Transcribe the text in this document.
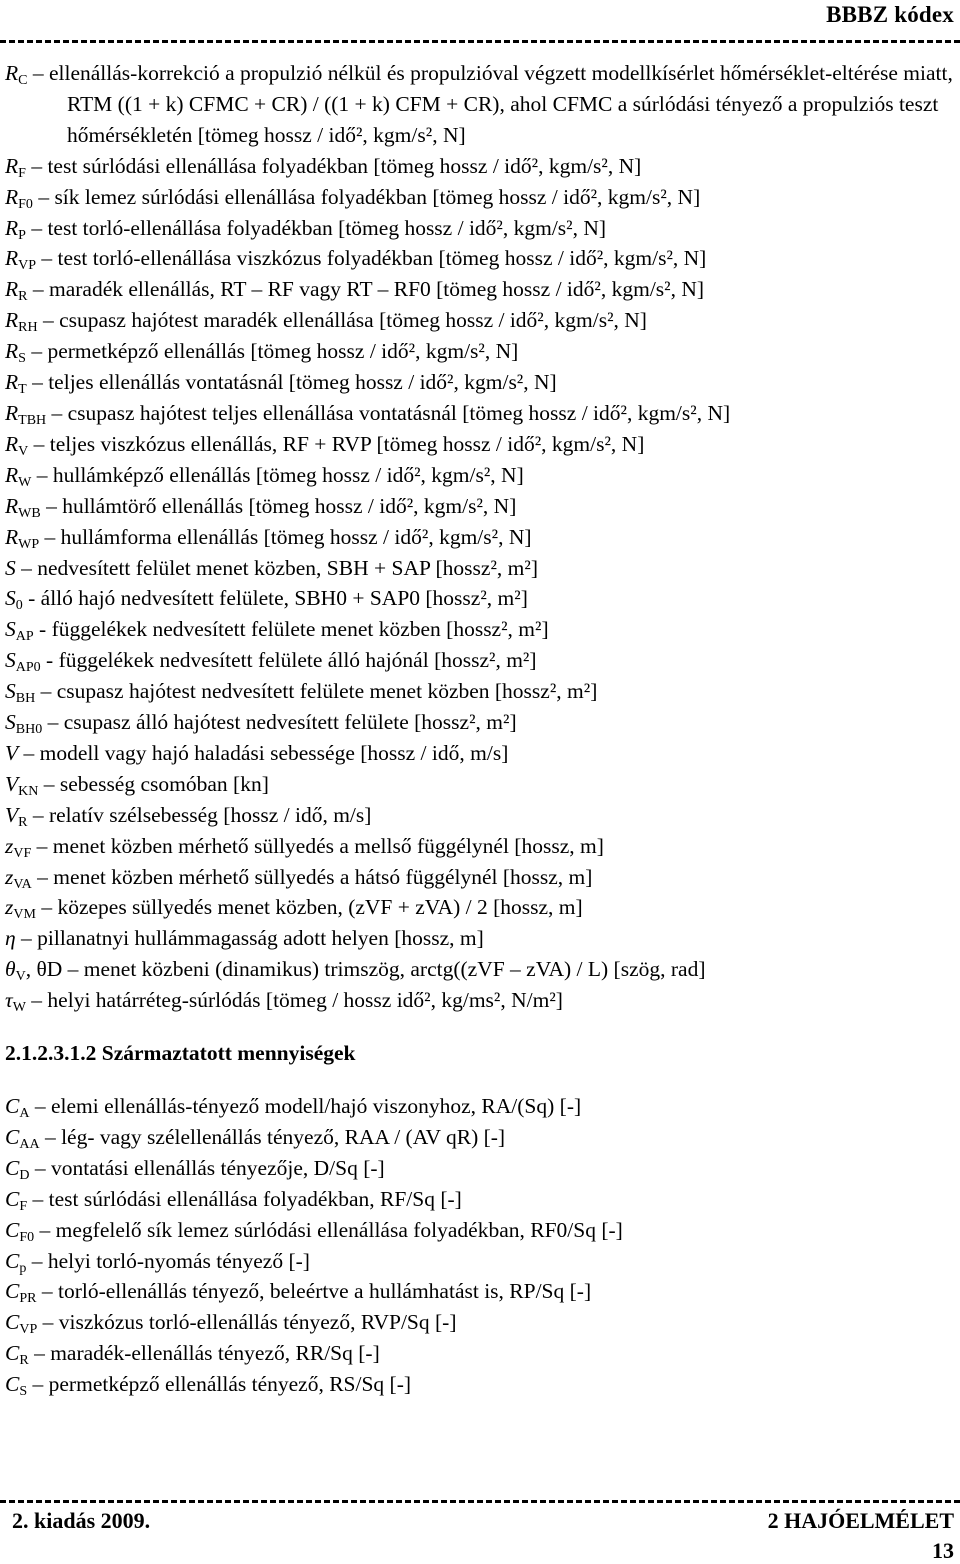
BBBZ kódex
$R_C$ – ellenállás-korrekció a propulzió nélkül és propulzióval végzett modellkísérlet hőmérséklet-eltérése miatt, RTM ((1 + k) CFMC + CR) / ((1 + k) CFM + CR), ahol CFMC a súrlódási tényező a propulziós teszt hőmérsékletén [tömeg hossz / idő², kgm/s², N]
$R_F$ – test súrlódási ellenállása folyadékban [tömeg hossz / idő², kgm/s², N]
$R_{F0}$ – sík lemez súrlódási ellenállása folyadékban [tömeg hossz / idő², kgm/s², N]
$R_P$ – test torló-ellenállása folyadékban [tömeg hossz / idő², kgm/s², N]
$R_{VP}$ – test torló-ellenállása viszkózus folyadékban [tömeg hossz / idő², kgm/s², N]
$R_R$ – maradék ellenállás, RT – RF vagy RT – RF0 [tömeg hossz / idő², kgm/s², N]
$R_{RH}$ – csupasz hajótest maradék ellenállása [tömeg hossz / idő², kgm/s², N]
$R_S$ – permetképző ellenállás [tömeg hossz / idő², kgm/s², N]
$R_T$ – teljes ellenállás vontatásnál [tömeg hossz / idő², kgm/s², N]
$R_{TBH}$ – csupasz hajótest teljes ellenállása vontatásnál [tömeg hossz / idő², kgm/s², N]
$R_V$ – teljes viszkózus ellenállás, RF + RVP [tömeg hossz / idő², kgm/s², N]
$R_W$ – hullámképző ellenállás [tömeg hossz / idő², kgm/s², N]
$R_{WB}$ – hullámtörő ellenállás [tömeg hossz / idő², kgm/s², N]
$R_{WP}$ – hullámforma ellenállás [tömeg hossz / idő², kgm/s², N]
S – nedvesített felület menet közben, SBH + SAP [hossz², m²]
$S_0$ - álló hajó nedvesített felülete, SBH0 + SAP0 [hossz², m²]
$S_{AP}$ - függelékek nedvesített felülete menet közben [hossz², m²]
$S_{AP0}$ - függelékek nedvesített felülete álló hajónál [hossz², m²]
$S_{BH}$ – csupasz hajótest nedvesített felülete menet közben [hossz², m²]
$S_{BH0}$ – csupasz álló hajótest nedvesített felülete [hossz², m²]
V – modell vagy hajó haladási sebessége [hossz / idő, m/s]
$V_{KN}$ – sebesség csomóban [kn]
$V_R$ – relatív szélsebesség [hossz / idő, m/s]
$z_{VF}$ – menet közben mérhető süllyedés a mellső függélynél [hossz, m]
$z_{VA}$ – menet közben mérhető süllyedés a hátsó függélynél [hossz, m]
$z_{VM}$ – közepes süllyedés menet közben, (zVF + zVA) / 2 [hossz, m]
η – pillanatnyi hullámmagasság adott helyen [hossz, m]
$\theta_V$, θD – menet közbeni (dinamikus) trimszög, arctg((zVF – zVA) / L) [szög, rad]
$\tau_W$ – helyi határréteg-súrlódás [tömeg / hossz idő², kg/ms², N/m²]
2.1.2.3.1.2 Származtatott mennyiségek
$C_A$ – elemi ellenállás-tényező modell/hajó viszonyhoz, RA/(Sq) [-]
$C_{AA}$ – lég- vagy szélellenállás tényező, RAA / (AV qR) [-]
$C_D$ – vontatási ellenállás tényezője, D/Sq [-]
$C_F$ – test súrlódási ellenállása folyadékban, RF/Sq [-]
$C_{F0}$ – megfelelő sík lemez súrlódási ellenállása folyadékban, RF0/Sq [-]
$C_p$ – helyi torló-nyomás tényező [-]
$C_{PR}$ – torló-ellenállás tényező, beleértve a hullámhatást is, RP/Sq [-]
$C_{VP}$ – viszkózus torló-ellenállás tényező, RVP/Sq [-]
$C_R$ – maradék-ellenállás tényező, RR/Sq [-]
$C_S$ – permetképző ellenállás tényező, RS/Sq [-]
2. kiadás 2009.	2 HAJÓELMÉLET
13
